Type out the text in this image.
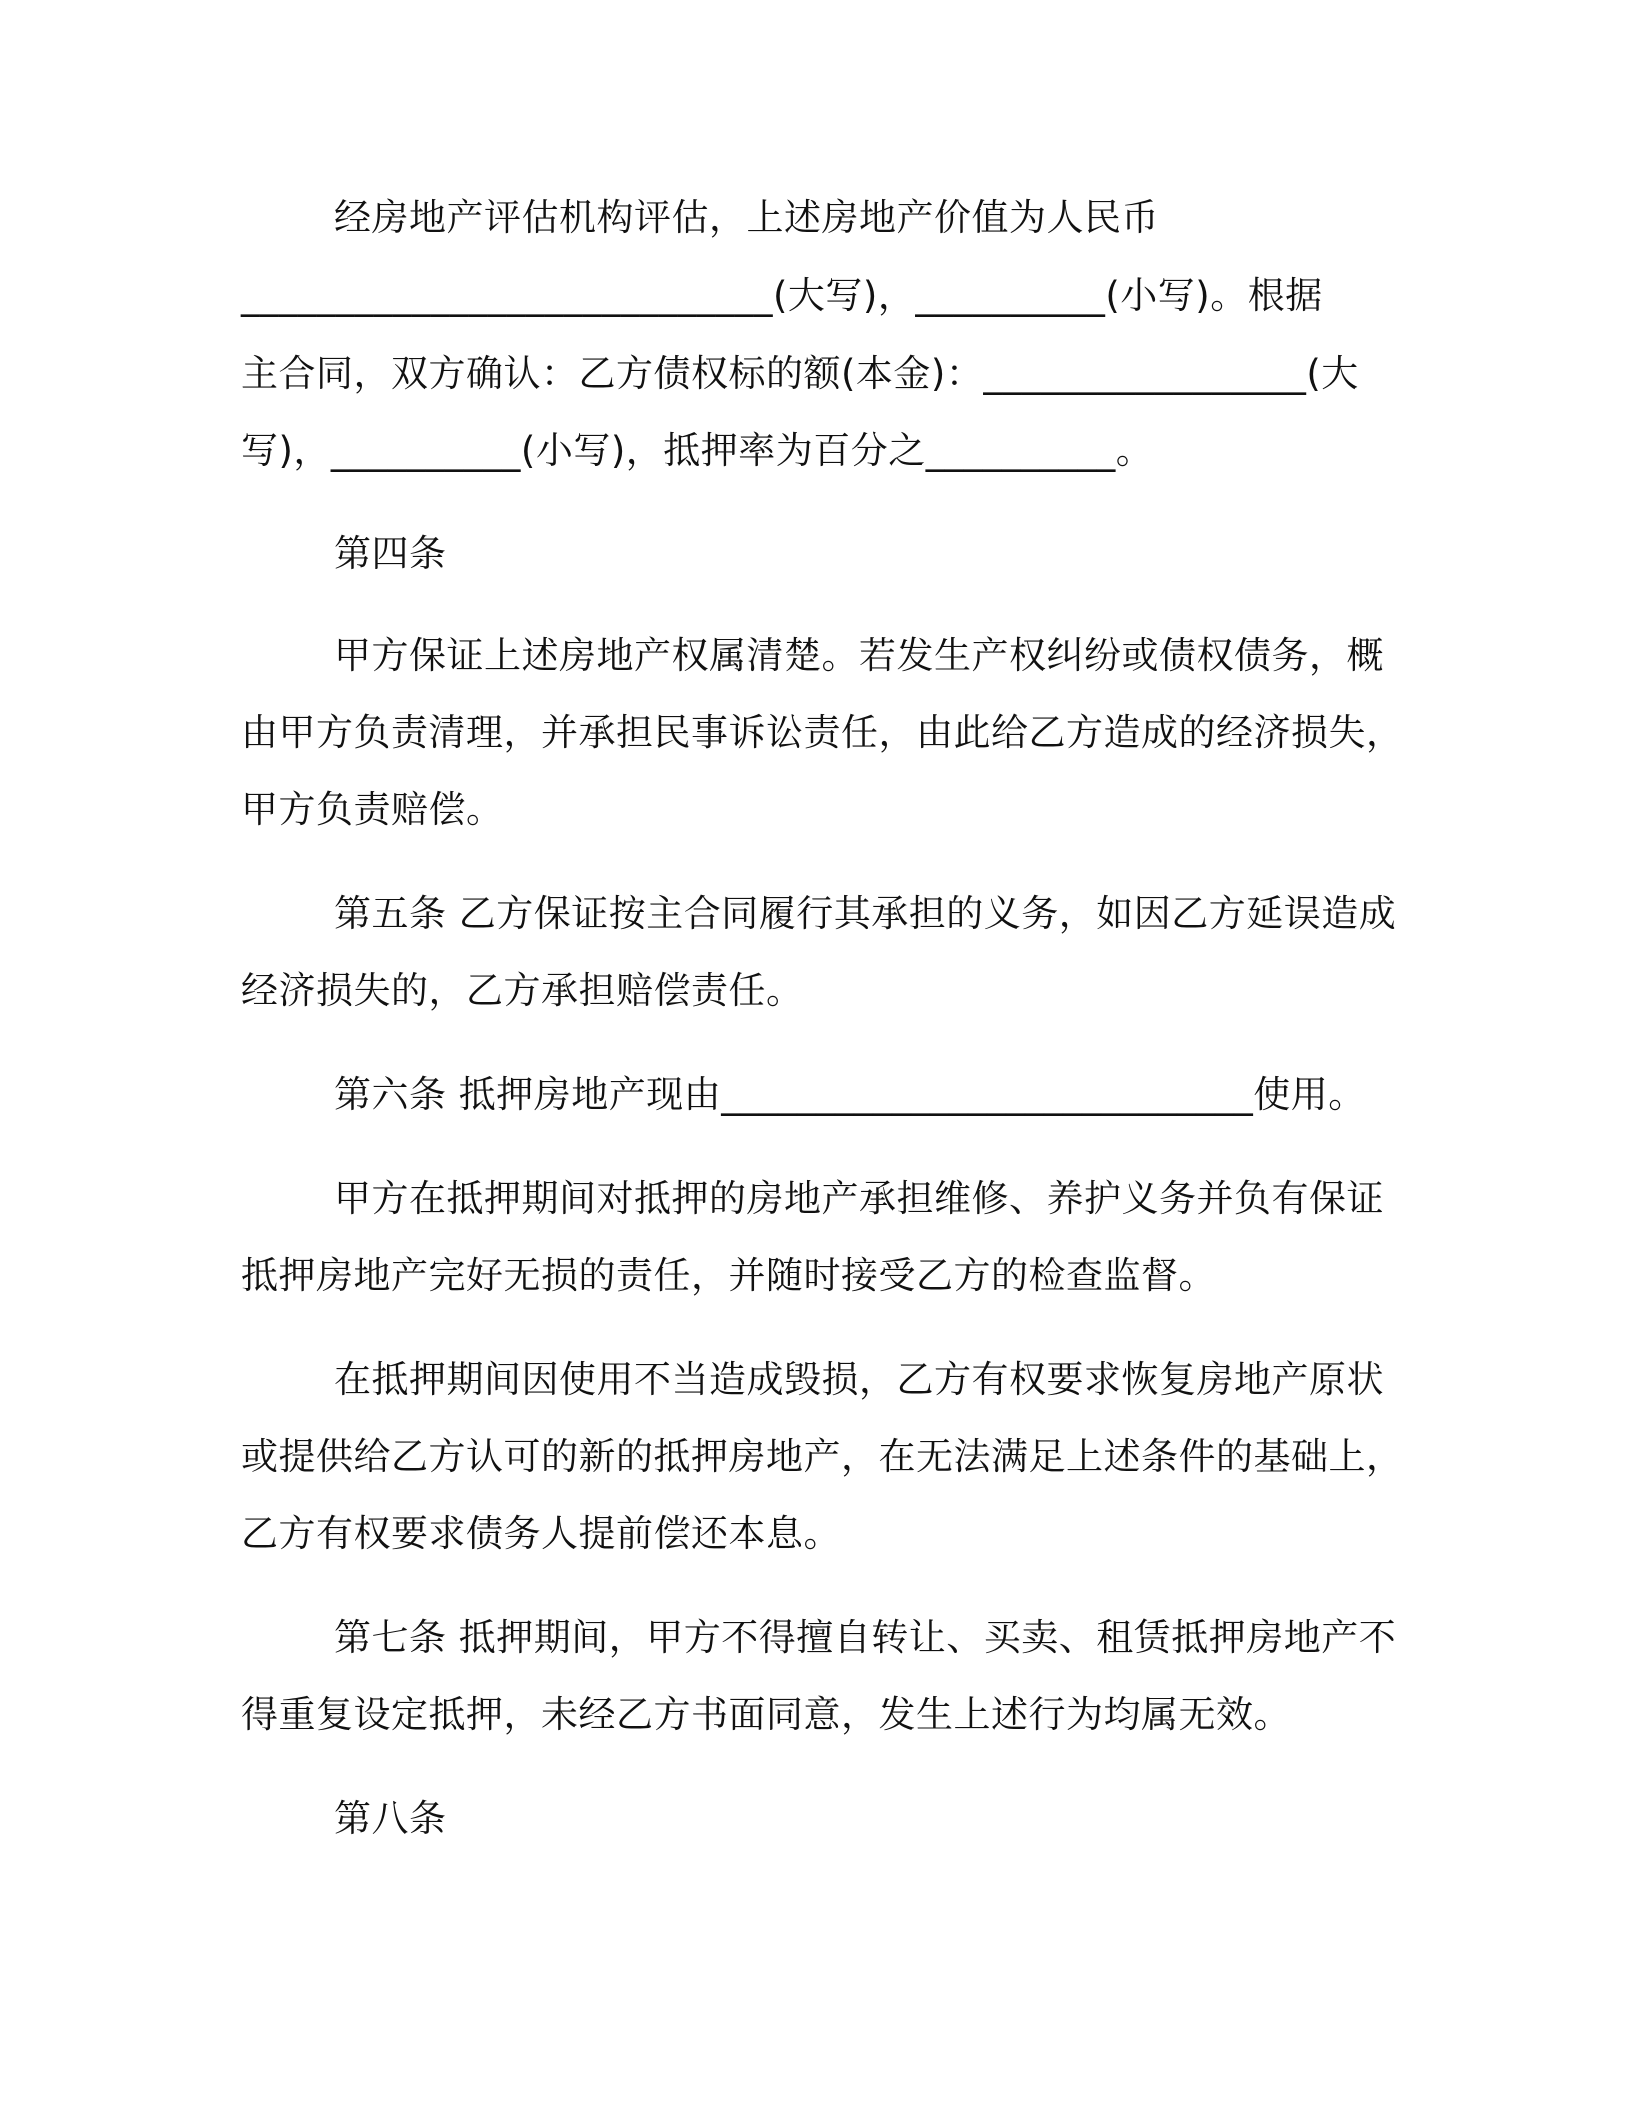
经房地产评估机构评估，上述房地产价值为人民币
____________________________(大写)，__________(小写)。根据
主合同，双方确认：乙方债权标的额(本金)：_________________(大
写)，__________(小写)，抵押率为百分之__________。
第四条
甲方保证上述房地产权属清楚。若发生产权纠纷或债权债务，概
由甲方负责清理，并承担民事诉讼责任，由此给乙方造成的经济损失，
甲方负责赔偿。
第五条 乙方保证按主合同履行其承担的义务，如因乙方延误造成
经济损失的，乙方承担赔偿责任。
第六条 抵押房地产现由____________________________使用。
甲方在抵押期间对抵押的房地产承担维修、养护义务并负有保证
抵押房地产完好无损的责任，并随时接受乙方的检查监督。
在抵押期间因使用不当造成毁损，乙方有权要求恢复房地产原状
或提供给乙方认可的新的抵押房地产，在无法满足上述条件的基础上，
乙方有权要求债务人提前偿还本息。
第七条 抵押期间，甲方不得擅自转让、买卖、租赁抵押房地产不
得重复设定抵押，未经乙方书面同意，发生上述行为均属无效。
第八条
